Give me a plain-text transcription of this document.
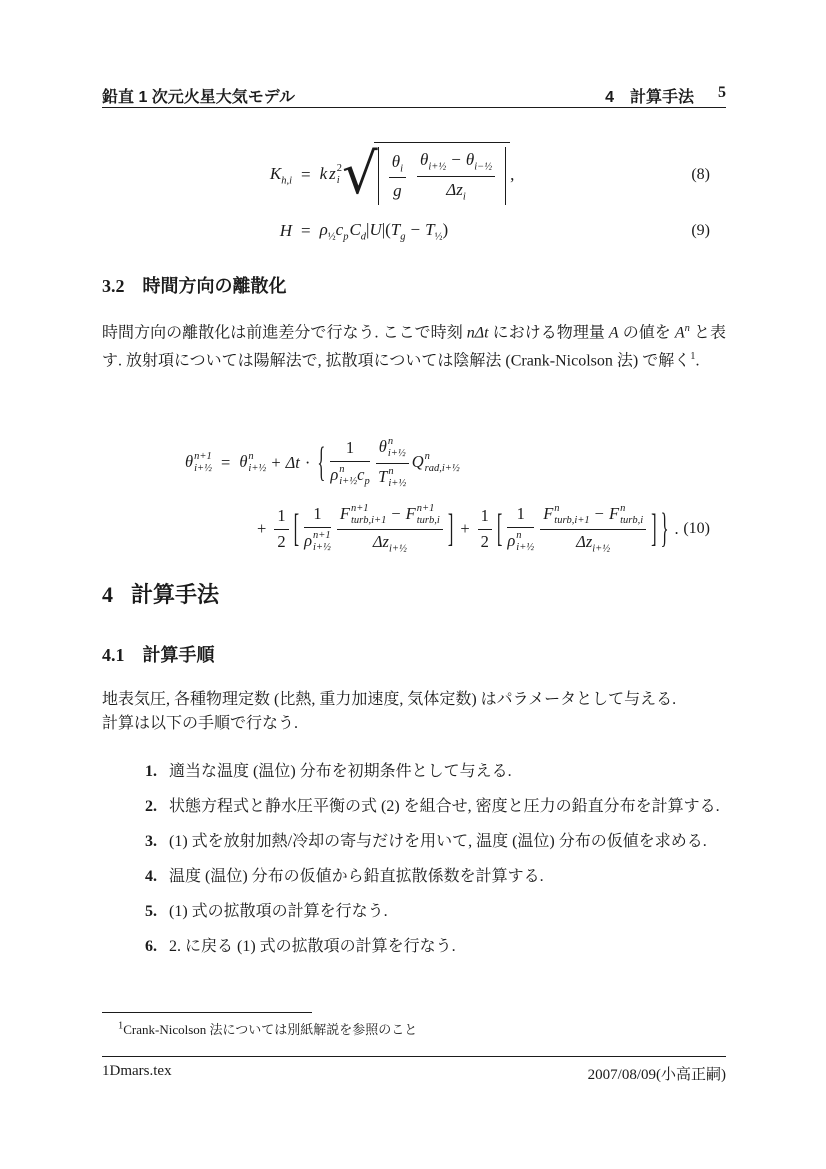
鉛直 1 次元火星大気モデル	4　計算手法 5
$K_{h,i} = k$ z 2
i √ $\frac{\theta_i}{g} \frac{\theta_{i+\frac{1}{2}} - \theta_{i-\frac{1}{2}}}{\Delta z_i}$ ,	(8)
$H = \rho_{\frac{1}{2}}c_pC_d|U|(T_g - T_{\frac{1}{2}})$	(9)
3.2 時間方向の離散化
時間方向の離散化は前進差分で行なう. ここで時刻 nΔt における物理量 A の値を $A^n$ と表す. 放射項については陽解法で, 拡散項については陰解法 (Crank-Nicolson 法) で解く$^1$.
θ n+1
i+½ = θ n
i+½ + Δt · { 1
ρ n
i+½ $c_p$ θ n
i+½
T n
i+½ Q n
rad,i+½
+ $\frac{1}{2}$ [ 1
ρ n+1
i+½ F n+1
turb,i+1 − F n+1
turb,i
$\Delta z_{i+\frac{1}{2}}$ ] + $\frac{1}{2}$ [ 1
ρ n
i+½ F n
turb,i+1 − F n
turb,i
$\Delta z_{i+\frac{1}{2}}$ ] } . (10)
4 計算手法
4.1 計算手順
地表気圧, 各種物理定数 (比熱, 重力加速度, 気体定数) はパラメータとして与える.
計算は以下の手順で行なう.
1. 適当な温度 (温位) 分布を初期条件として与える.
2. 状態方程式と静水圧平衡の式 (2) を組合せ, 密度と圧力の鉛直分布を計算する.
3. (1) 式を放射加熱/冷却の寄与だけを用いて, 温度 (温位) 分布の仮値を求める.
4. 温度 (温位) 分布の仮値から鉛直拡散係数を計算する.
5. (1) 式の拡散項の計算を行なう.
6. 2. に戻る (1) 式の拡散項の計算を行なう.
$^1$Crank-Nicolson 法については別紙解説を参照のこと
1Dmars.tex	2007/08/09(小高正嗣)
